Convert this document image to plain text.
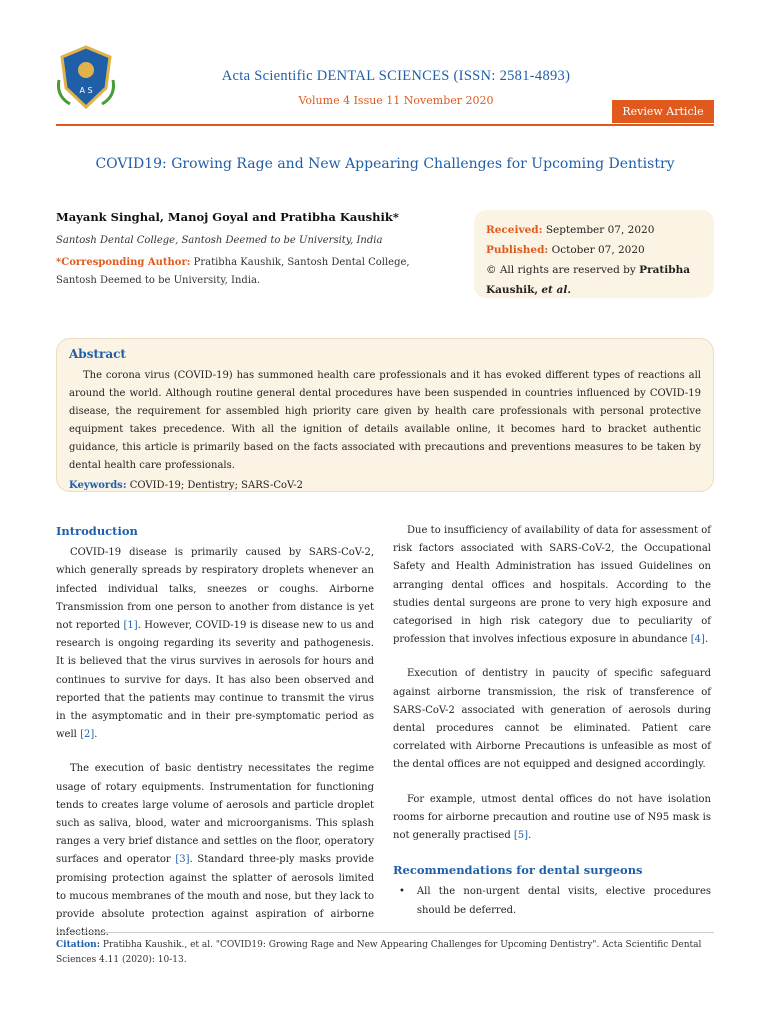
A S
Acta Scientific DENTAL SCIENCES (ISSN: 2581-4893)
Volume 4 Issue 11 November 2020
Review Article
COVID19: Growing Rage and New Appearing Challenges for Upcoming Dentistry
Mayank Singhal, Manoj Goyal and Pratibha Kaushik*
Santosh Dental College, Santosh Deemed to be University, India
*Corresponding Author: Pratibha Kaushik, Santosh Dental College, Santosh Deemed to be University, India.
Received: September 07, 2020
Published: October 07, 2020
© All rights are reserved by Pratibha Kaushik, et al.
Abstract
The corona virus (COVID-19) has summoned health care professionals and it has evoked different types of reactions all around the world. Although routine general dental procedures have been suspended in countries influenced by COVID-19 disease, the requirement for assembled high priority care given by health care professionals with personal protective equipment takes precedence. With all the ignition of details available online, it becomes hard to bracket authentic guidance, this article is primarily based on the facts associated with precautions and preventions measures to be taken by dental health care professionals.
Keywords: COVID-19; Dentistry; SARS-CoV-2
Introduction

COVID-19 disease is primarily caused by SARS-CoV-2, which generally spreads by respiratory droplets whenever an infected individual talks, sneezes or coughs. Airborne Transmission from one person to another from distance is yet not reported [1]. However, COVID-19 is disease new to us and research is ongoing regarding its severity and pathogenesis. It is believed that the virus survives in aerosols for hours and continues to survive for days. It has also been observed and reported that the patients may continue to transmit the virus in the asymptomatic and in their pre-symptomatic period as well [2].

The execution of basic dentistry necessitates the regime usage of rotary equipments. Instrumentation for functioning tends to creates large volume of aerosols and particle droplet such as saliva, blood, water and microorganisms. This splash ranges a very brief distance and settles on the floor, operatory surfaces and operator [3]. Standard three-ply masks provide promising protection against the splatter of aerosols limited to mucous membranes of the mouth and nose, but they lack to provide absolute protection against aspiration of airborne

Due to insufficiency of availability of data for assessment of risk factors associated with SARS-CoV-2, the Occupational Safety and Health Administration has issued Guidelines on arranging dental offices and hospitals. According to the studies dental surgeons are prone to very high exposure and categorised in high risk category due to peculiarity of profession that involves infectious exposure in abundance [4].

Execution of dentistry in paucity of specific safeguard against airborne transmission, the risk of transference of SARS-CoV-2 associated with generation of aerosols during dental procedures cannot be eliminated. Patient care correlated with Airborne Precautions is unfeasible as most of the dental offices are not equipped and designed accordingly.

For example, utmost dental offices do not have isolation rooms for airborne precaution and routine use of N95 mask is not generally practised [5].

Recommendations for dental surgeons
• All the non-urgent dental visits, elective procedures should be deferred.
Citation: Pratibha Kaushik., et al. "COVID19: Growing Rage and New Appearing Challenges for Upcoming Dentistry". Acta Scientific Dental Sciences 4.11 (2020): 10-13.
